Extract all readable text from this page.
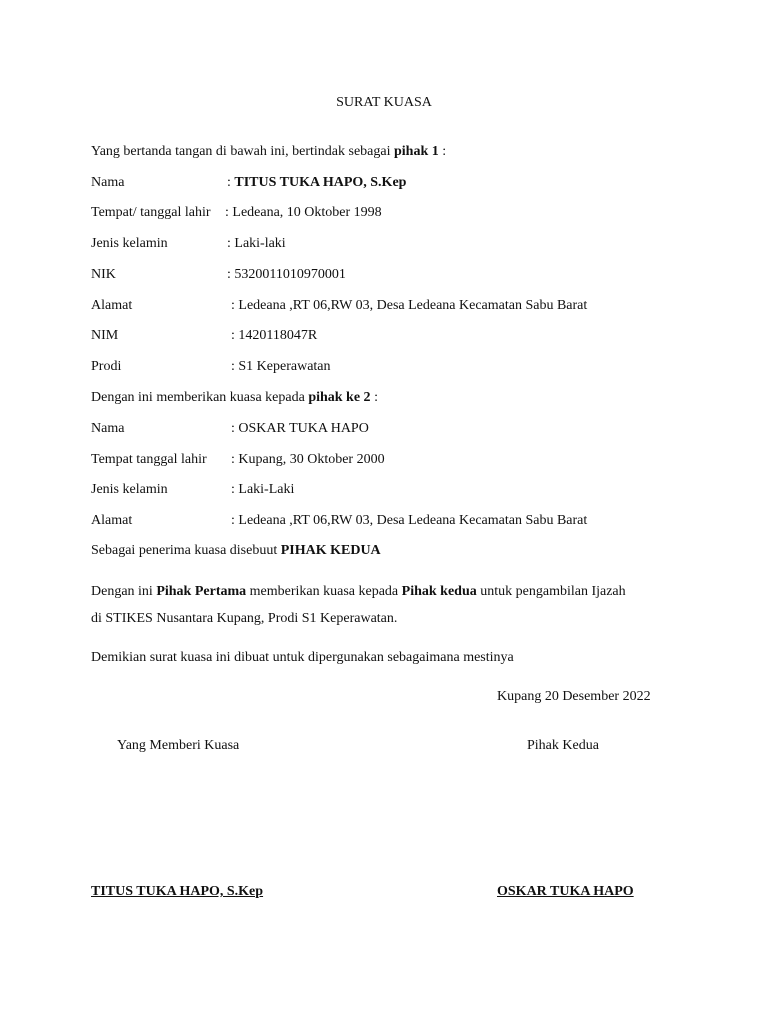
SURAT KUASA
Yang bertanda tangan di bawah ini, bertindak sebagai pihak 1 :
Nama	: TITUS TUKA HAPO, S.Kep
Tempat/ tanggal lahir : Ledeana, 10 Oktober 1998
Jenis kelamin	: Laki-laki
NIK	: 5320011010970001
Alamat	: Ledeana ,RT 06,RW 03, Desa Ledeana Kecamatan Sabu Barat
NIM	: 1420118047R
Prodi	: S1 Keperawatan
Dengan ini memberikan kuasa kepada pihak ke 2 :
Nama	: OSKAR TUKA HAPO
Tempat tanggal lahir : Kupang, 30 Oktober 2000
Jenis kelamin	: Laki-Laki
Alamat	: Ledeana ,RT 06,RW 03, Desa Ledeana Kecamatan Sabu Barat
Sebagai penerima kuasa disebuut PIHAK KEDUA
Dengan ini Pihak Pertama memberikan kuasa kepada Pihak kedua untuk pengambilan Ijazah
di STIKES Nusantara Kupang, Prodi S1 Keperawatan.
Demikian surat kuasa ini dibuat untuk dipergunakan sebagaimana mestinya
Kupang 20 Desember 2022
Yang Memberi Kuasa	Pihak Kedua
TITUS TUKA HAPO, S.Kep	OSKAR TUKA HAPO
